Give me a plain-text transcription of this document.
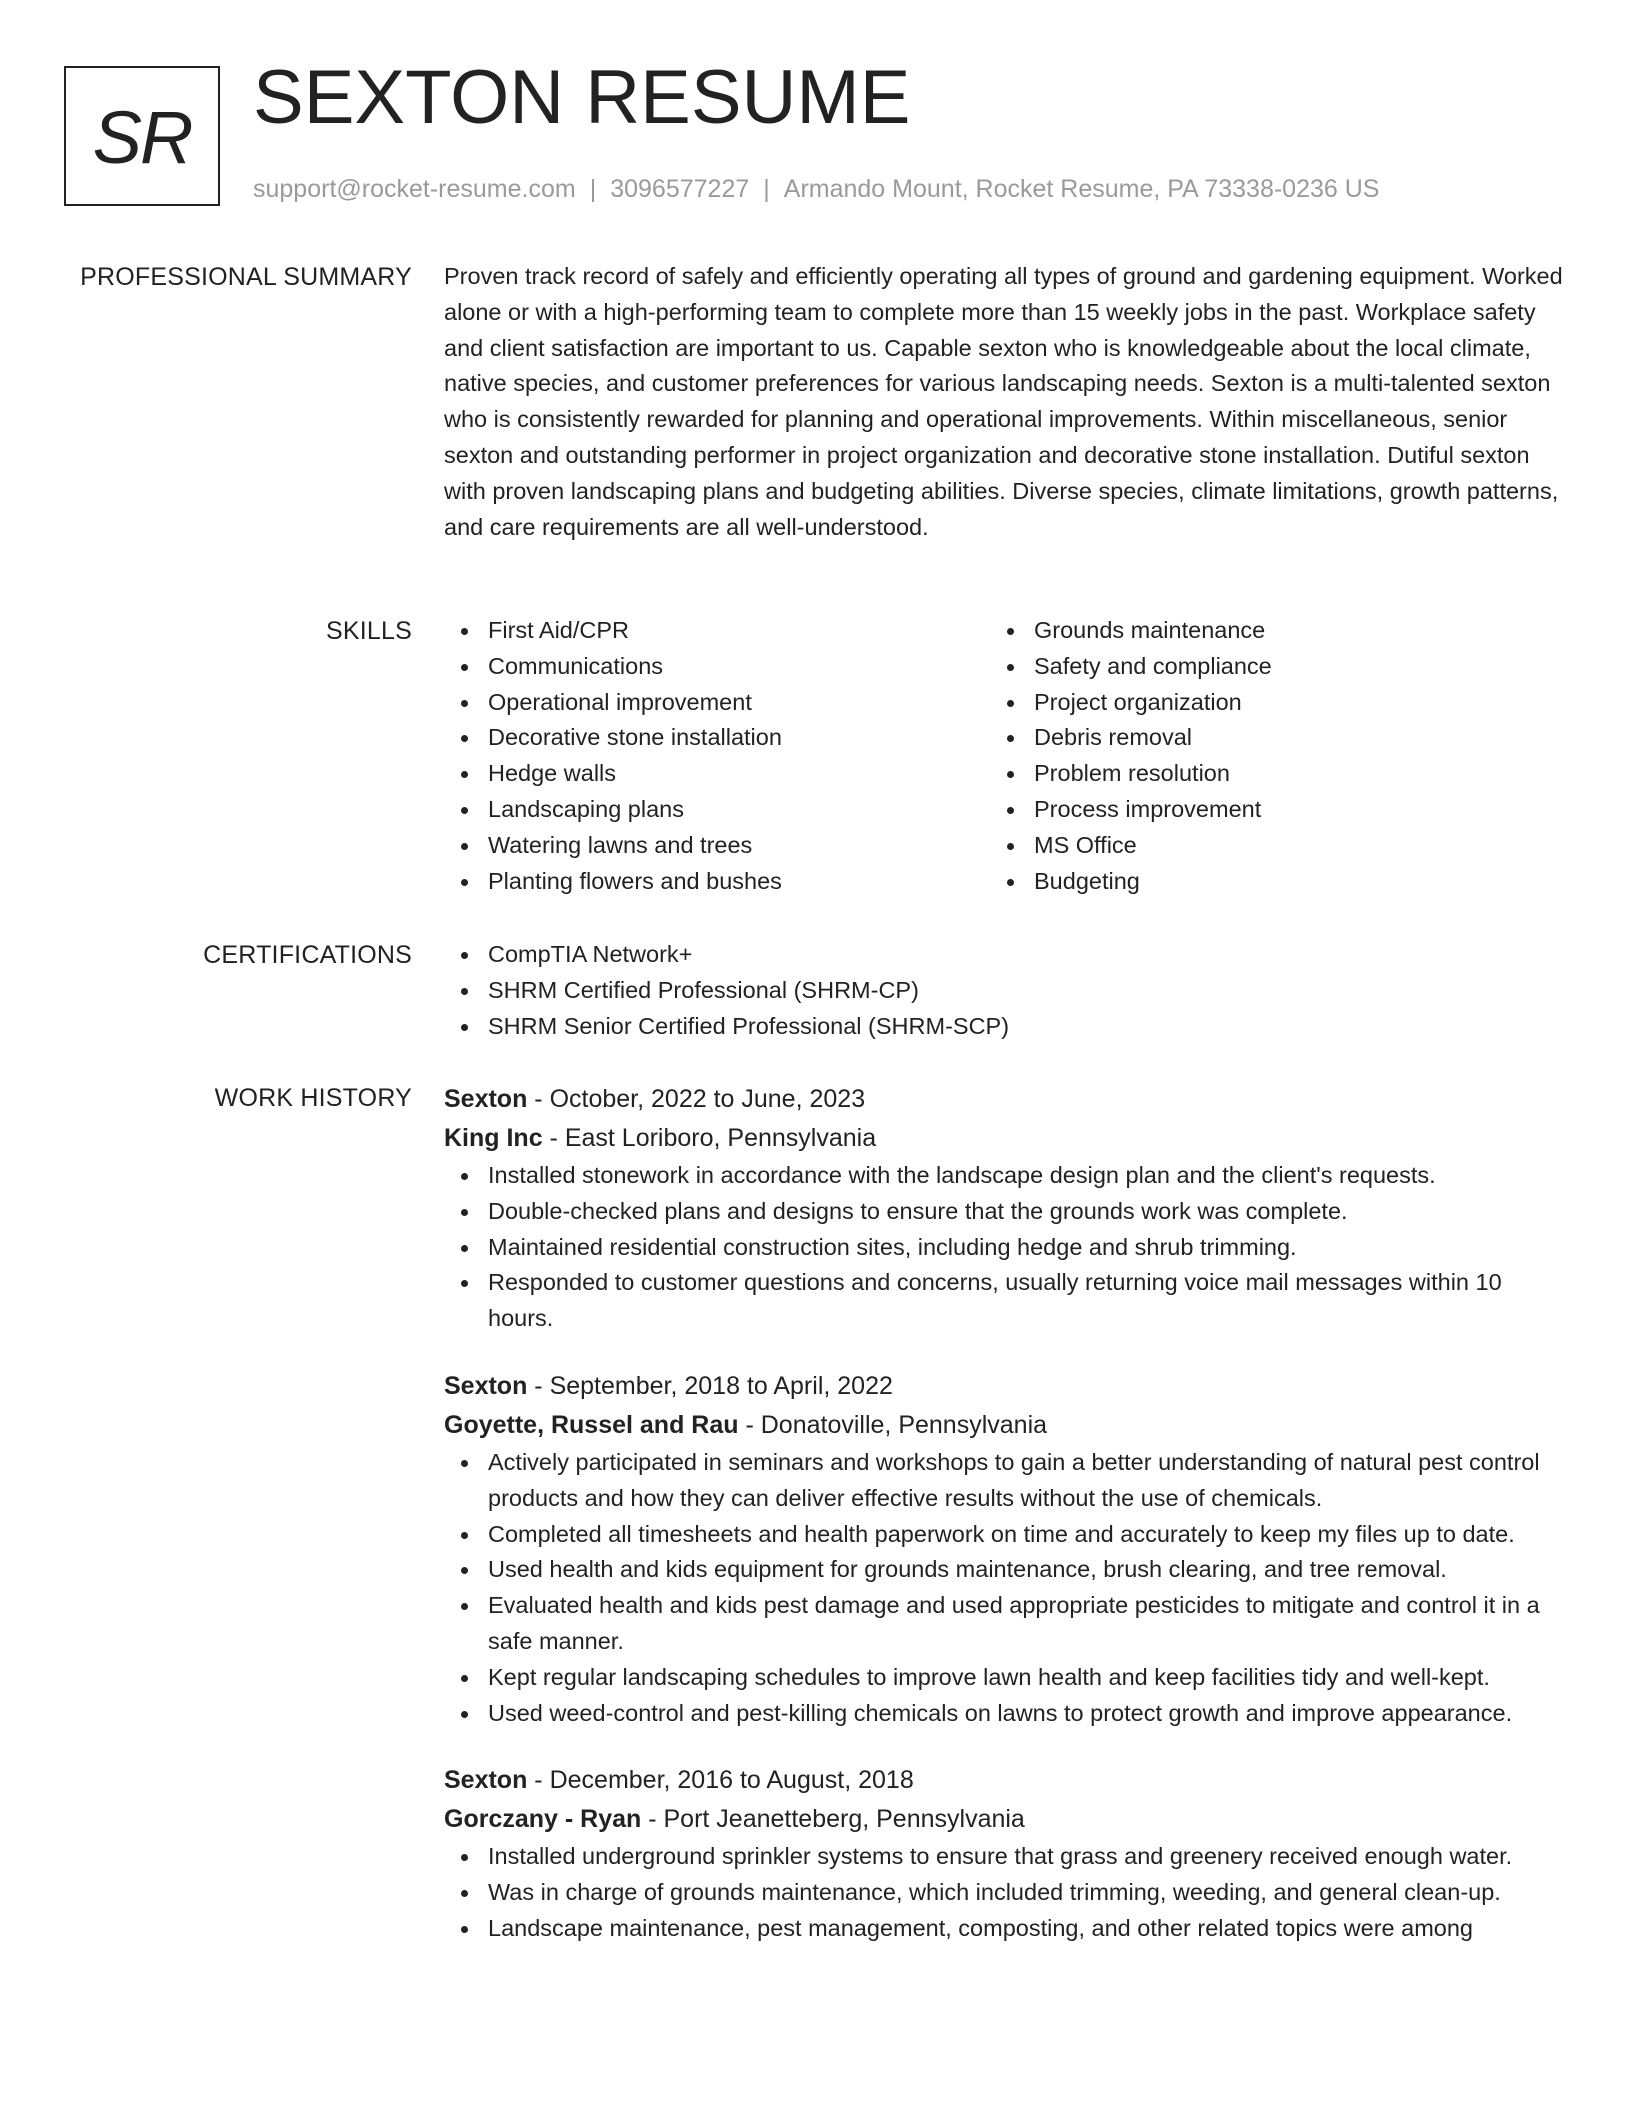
SR SEXTON RESUME
support@rocket-resume.com | 3096577227 | Armando Mount, Rocket Resume, PA 73338-0236 US
PROFESSIONAL SUMMARY Proven track record of safely and efficiently operating all types of ground and gardening equipment. Worked alone or with a high-performing team to complete more than 15 weekly jobs in the past. Workplace safety and client satisfaction are important to us. Capable sexton who is knowledgeable about the local climate, native species, and customer preferences for various landscaping needs. Sexton is a multi-talented sexton who is consistently rewarded for planning and operational improvements. Within miscellaneous, senior sexton and outstanding performer in project organization and decorative stone installation. Dutiful sexton with proven landscaping plans and budgeting abilities. Diverse species, climate limitations, growth patterns, and care requirements are all well-understood.

SKILLS	First Aid/CPR
Communications
Operational improvement
Decorative stone installation
Hedge walls
Landscaping plans
Watering lawns and trees
Planting flowers and bushes
Grounds maintenance
Safety and compliance
Project organization
Debris removal
Problem resolution
Process improvement
MS Office
Budgeting
CERTIFICATIONS	CompTIA Network+
SHRM Certified Professional (SHRM-CP)
SHRM Senior Certified Professional (SHRM-SCP)
WORK HISTORY Sexton - October, 2022 to June, 2023
King Inc - East Loriboro, Pennsylvania
Installed stonework in accordance with the landscape design plan and the client's requests.
Double-checked plans and designs to ensure that the grounds work was complete.
Maintained residential construction sites, including hedge and shrub trimming.
Responded to customer questions and concerns, usually returning voice mail messages within 10 hours.
Sexton - September, 2018 to April, 2022
Goyette, Russel and Rau - Donatoville, Pennsylvania
Actively participated in seminars and workshops to gain a better understanding of natural pest control products and how they can deliver effective results without the use of chemicals.
Completed all timesheets and health paperwork on time and accurately to keep my files up to date.
Used health and kids equipment for grounds maintenance, brush clearing, and tree removal.
Evaluated health and kids pest damage and used appropriate pesticides to mitigate and control it in a safe manner.
Kept regular landscaping schedules to improve lawn health and keep facilities tidy and well-kept.
Used weed-control and pest-killing chemicals on lawns to protect growth and improve appearance.
Sexton - December, 2016 to August, 2018
Gorczany - Ryan - Port Jeanetteberg, Pennsylvania
Installed underground sprinkler systems to ensure that grass and greenery received enough water.
Was in charge of grounds maintenance, which included trimming, weeding, and general clean-up.
Landscape maintenance, pest management, composting, and other related topics were among
